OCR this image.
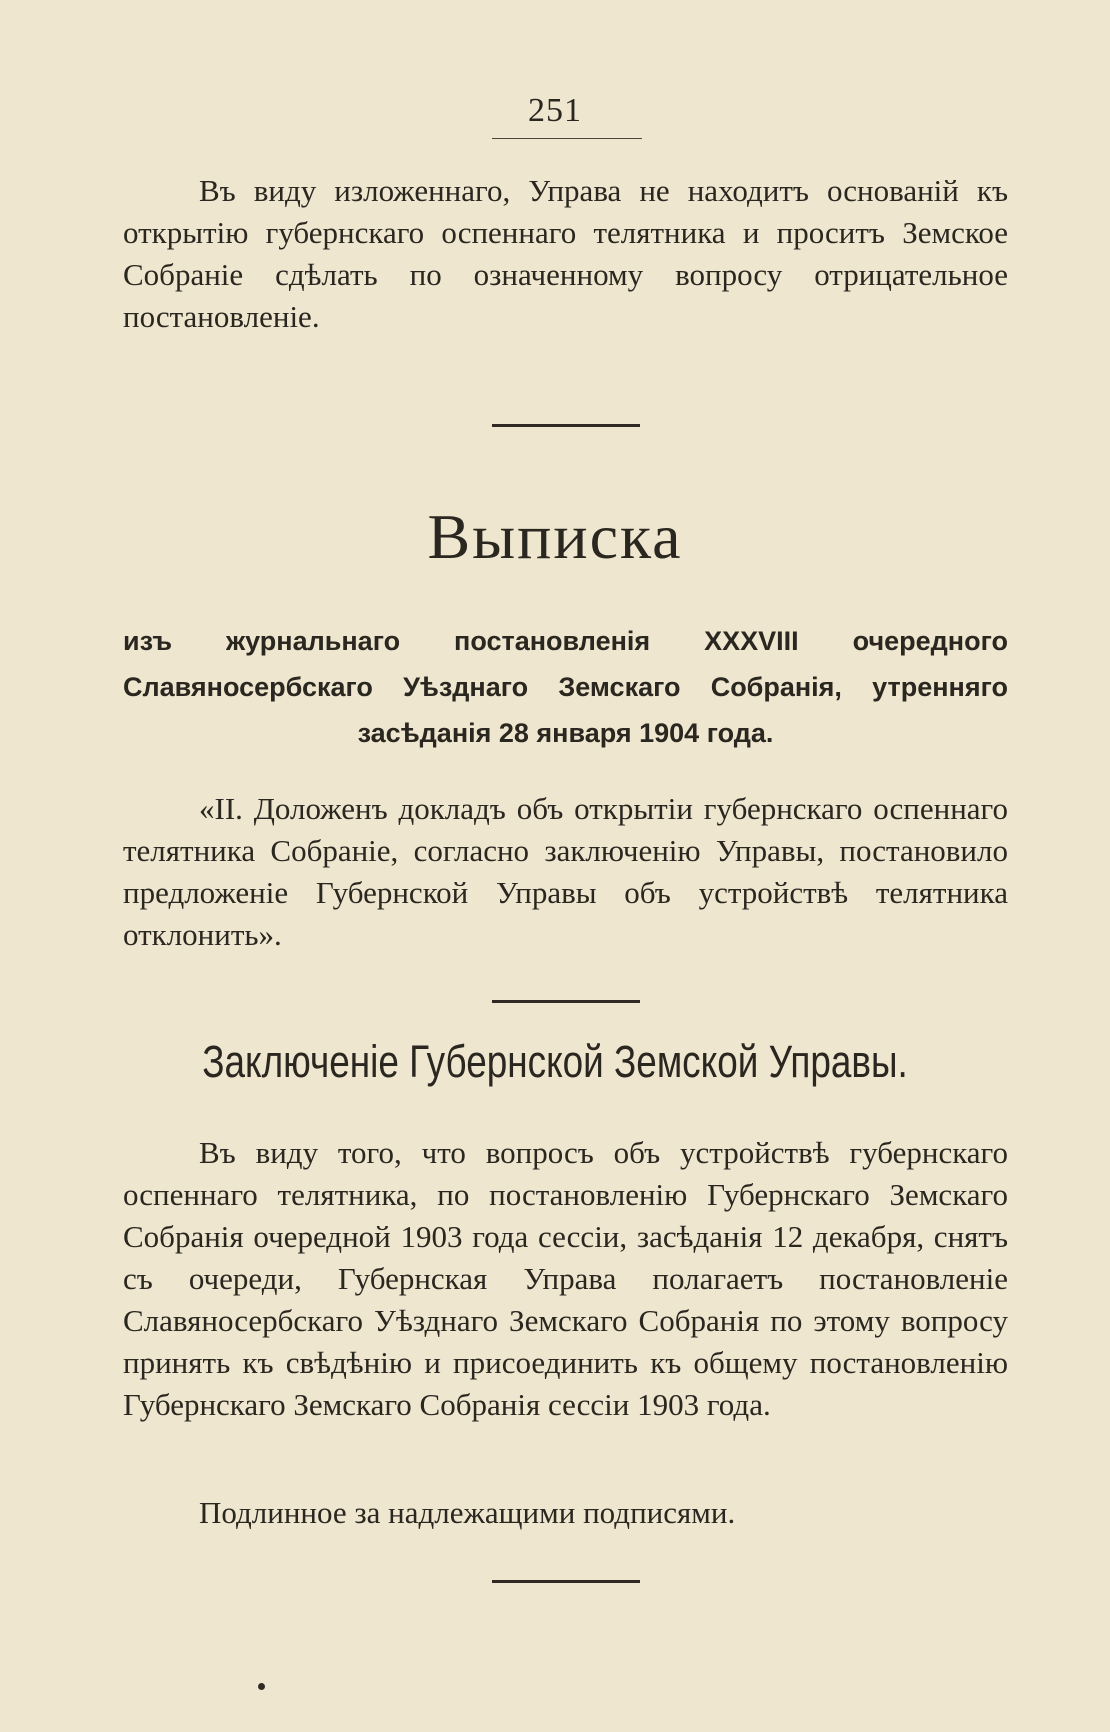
251

Въ виду изложеннаго, Управа не находитъ основаній къ открытію губернскаго оспеннаго телятника и проситъ Земское Собраніе сдѣлать по означенному вопросу отрицательное постановленіе.

Выписка

изъ журнальнаго постановленія XXXVIII очередного Славяносербскаго Уѣзднаго Земскаго Собранія, утренняго засѣданія 28 января 1904 года.

«II. Доложенъ докладъ объ открытіи губернскаго оспеннаго телятника Собраніе, согласно заключенію Управы, постановило предложеніе Губернской Управы объ устройствѣ телятника отклонить».

Заключеніе Губернской Земской Управы.

Въ виду того, что вопросъ объ устройствѣ губернскаго оспеннаго телятника, по постановленію Губернскаго Земскаго Собранія очередной 1903 года сессіи, засѣданія 12 декабря, снятъ съ очереди, Губернская Управа полагаетъ постановленіе Славяносербскаго Уѣзднаго Земскаго Собранія по этому вопросу принять къ свѣдѣнію и присоединить къ общему постановленію Губернскаго Земскаго Собранія сессіи 1903 года.

Подлинное за надлежащими подписями.
